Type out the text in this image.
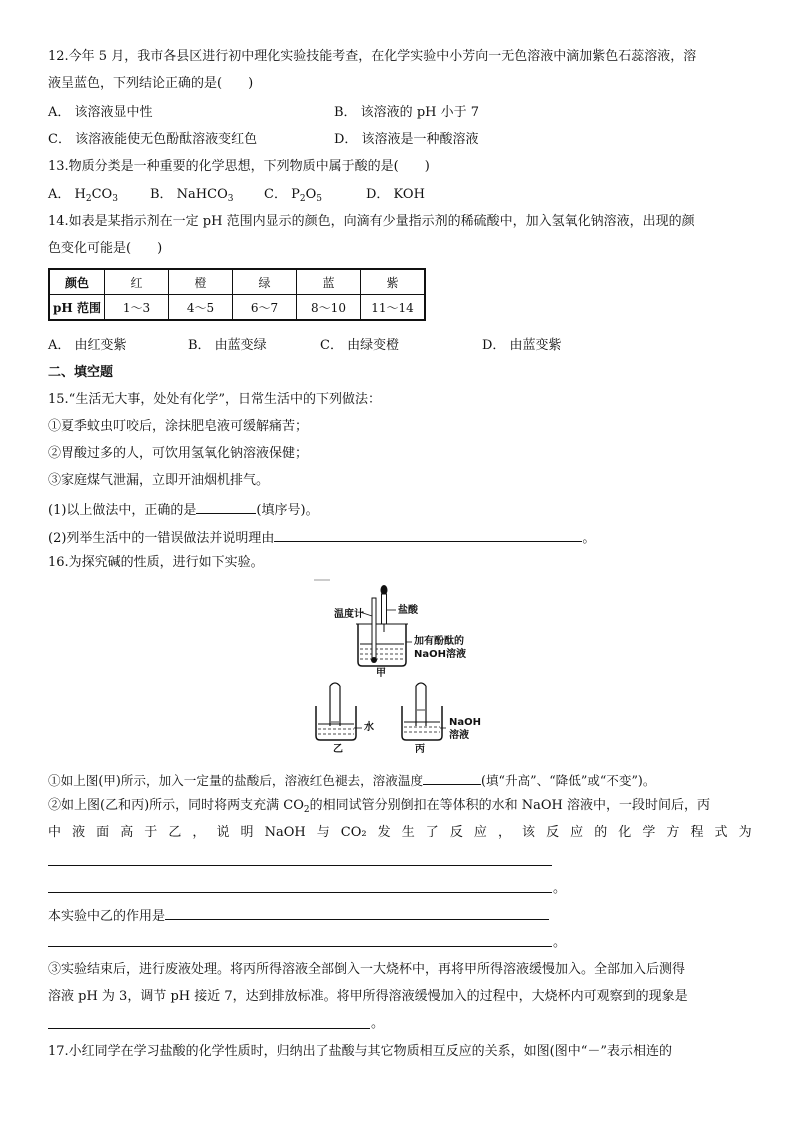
12.今年 5 月，我市各县区进行初中理化实验技能考查，在化学实验中小芳向一无色溶液中滴加紫色石蕊溶液，溶
液呈蓝色，下列结论正确的是(　　)
A． 该溶液显中性	B． 该溶液的 pH 小于 7
C． 该溶液能使无色酚酞溶液变红色	D． 该溶液是一种酸溶液
13.物质分类是一种重要的化学思想，下列物质中属于酸的是(　　)
A． $H_2CO_3$ B． NaHCO$_3$ C． $P_2O_5$	D． KOH
14.如表是某指示剂在一定 pH 范围内显示的颜色，向滴有少量指示剂的稀硫酸中，加入氢氧化钠溶液，出现的颜
色变化可能是(　　)
颜色	红	橙	绿	蓝	紫
pH 范围	1～3	4～5	6～7	8～10	11～14
A． 由红变紫	B． 由蓝变绿	C． 由绿变橙	D． 由蓝变紫
二、填空题
15.“生活无大事，处处有化学”，日常生活中的下列做法：
①夏季蚊虫叮咬后，涂抹肥皂液可缓解痛苦；
②胃酸过多的人，可饮用氢氧化钠溶液保健；
③家庭煤气泄漏，立即开油烟机排气。
(1)以上做法中，正确的是	(填序号)。
(2)列举生活中的一错误做法并说明理由	。
16.为探究碱的性质，进行如下实验。
温度计	盐酸
加有酚酞的
NaOH溶液
甲
水
乙
NaOH
溶液
丙
①如上图(甲)所示，加入一定量的盐酸后，溶液红色褪去，溶液温度	(填“升高”、“降低”或“不变”)。
②如上图(乙和丙)所示，同时将两支充满 $CO_2$的相同试管分别倒扣在等体积的水和 NaOH 溶液中，一段时间后，丙
中 液 面 高 于 乙 ， 说 明 NaOH 与 CO₂ 发 生 了 反 应 ， 该 反 应 的 化 学 方 程 式 为
。
本实验中乙的作用是
。
③实验结束后，进行废液处理。将丙所得溶液全部倒入一大烧杯中，再将甲所得溶液缓慢加入。全部加入后测得
溶液 pH 为 3，调节 pH 接近 7，达到排放标准。将甲所得溶液缓慢加入的过程中，大烧杯内可观察到的现象是
。
17.小红同学在学习盐酸的化学性质时，归纳出了盐酸与其它物质相互反应的关系，如图(图中“－”表示相连的
